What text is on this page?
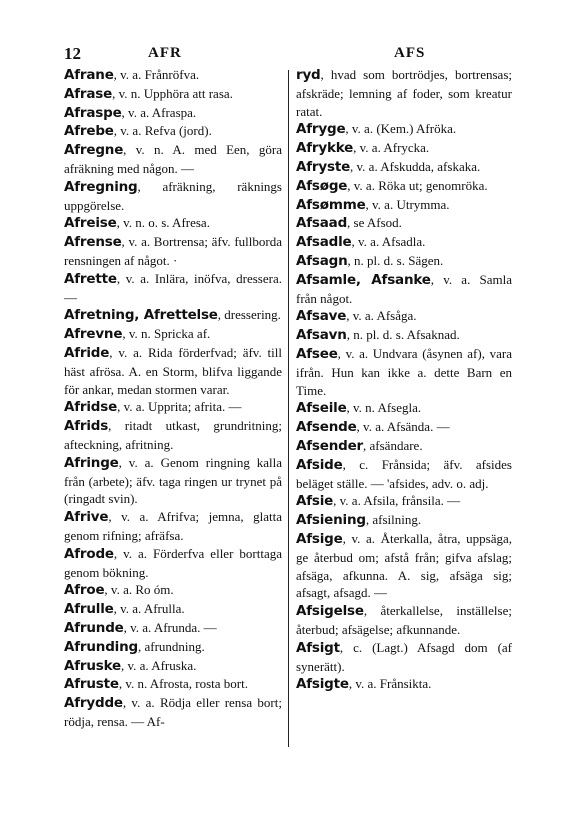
12	AFR	AFS

Afrane, v. a. Frånröfva.

Afrase, v. n. Upphöra att rasa.

Afraspe, v. a. Afraspa.

Afrebe, v. a. Refva (jord).

Afregne, v. n. A. med Een, göra afräkning med någon. —

Afregning, afräkning, räknings uppgörelse.

Afreise, v. n. o. s. Afresa.

Afrense, v. a. Bortrensa; äfv. fullborda rensningen af något. ·

Afrette, v. a. Inlära, inöfva, dressera. —

Afretning, Afrettelse, dressering.

Afrevne, v. n. Spricka af.

Afride, v. a. Rida förderfvad; äfv. till häst afrösa. A. en Storm, blifva liggande för ankar, medan stormen varar.

Afridse, v. a. Upprita; afrita. —

Afrids, ritadt utkast, grundritning; afteckning, afritning.

Afringe, v. a. Genom ringning kalla från (arbete); äfv. taga ringen ur trynet på (ringadt svin).

Afrive, v. a. Afrifva; jemna, glatta genom rifning; afräfsa.

Afrode, v. a. Förderfva eller borttaga genom bökning.

Afroe, v. a. Ro óm.

Afrulle, v. a. Afrulla.

Afrunde, v. a. Afrunda. —

Afrunding, afrundning.

Afruske, v. a. Afruska.

Afruste, v. n. Afrosta, rosta bort.

Afrydde, v. a. Rödja eller rensa bort; rödja, rensa. — Af-

ryd, hvad som bortrödjes, bortrensas; afskräde; lemning af foder, som kreatur ratat.

Afryge, v. a. (Kem.) Afröka.

Afrykke, v. a. Afrycka.

Afryste, v. a. Afskudda, afskaka.

Afsøge, v. a. Röka ut; genomröka.

Afsømme, v. a. Utrymma.

Afsaad, se Afsod.

Afsadle, v. a. Afsadla.

Afsagn, n. pl. d. s. Sägen.

Afsamle, Afsanke, v. a. Samla från något.

Afsave, v. a. Afsåga.

Afsavn, n. pl. d. s. Afsaknad.

Afsee, v. a. Undvara (åsynen af), vara ifrån. Hun kan ikke a. dette Barn en Time.

Afseile, v. n. Afsegla.

Afsende, v. a. Afsända. —

Afsender, afsändare.

Afside, c. Frånsida; äfv. afsides beläget ställe. — 'afsides, adv. o. adj.

Afsie, v. a. Afsila, frånsila. —

Afsiening, afsilning.

Afsige, v. a. Återkalla, åtra, uppsäga, ge återbud om; afstå från; gifva afslag; afsäga, afkunna. A. sig, afsäga sig; afsagt, afsagd. —

Afsigelse, återkallelse, inställelse; återbud; afsägelse; afkunnande.

Afsigt, c. (Lagt.) Afsagd dom (af synerätt).

Afsigte, v. a. Frånsikta.
